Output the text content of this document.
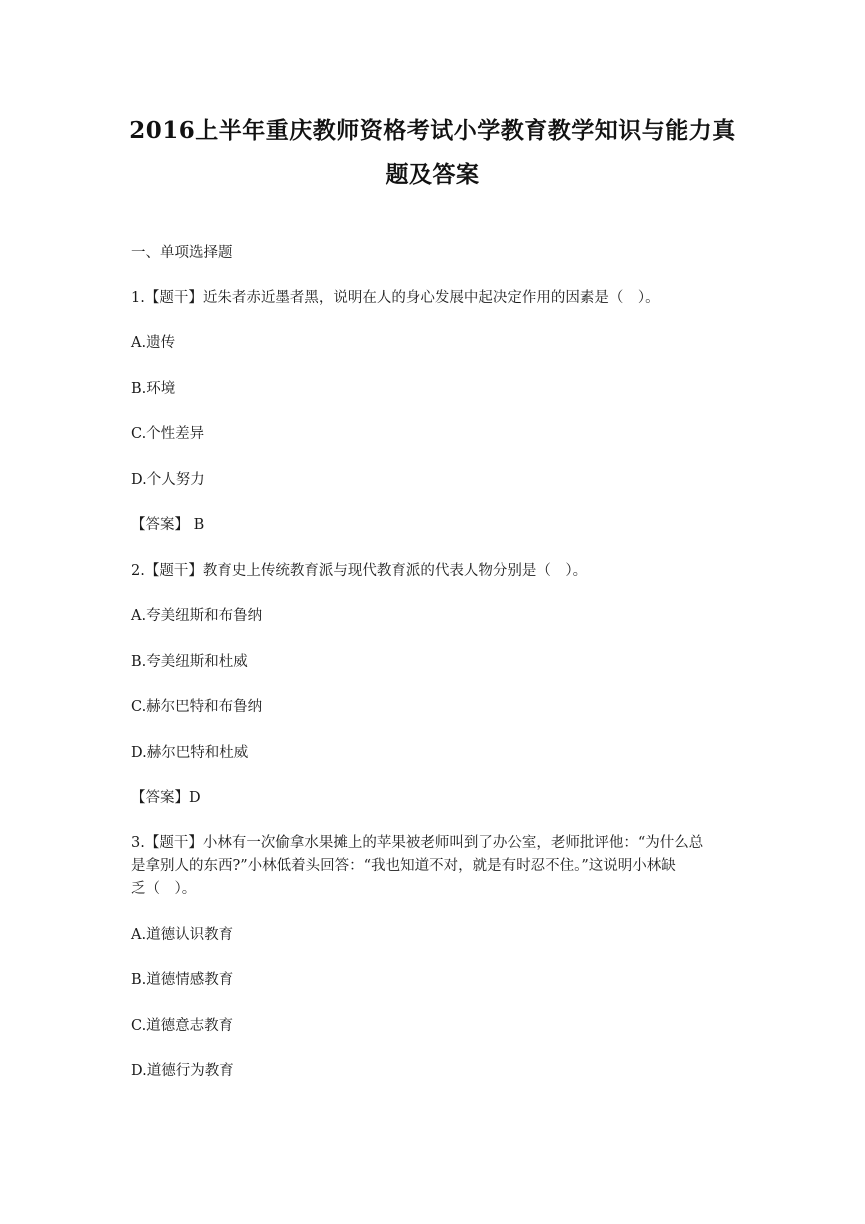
2016上半年重庆教师资格考试小学教育教学知识与能力真
题及答案
一、单项选择题
1.【题干】近朱者赤近墨者黑，说明在人的身心发展中起决定作用的因素是（　）。
A.遗传
B.环境
C.个性差异
D.个人努力
【答案】 B
2.【题干】教育史上传统教育派与现代教育派的代表人物分别是（　）。
A.夸美纽斯和布鲁纳
B.夸美纽斯和杜威
C.赫尔巴特和布鲁纳
D.赫尔巴特和杜威
【答案】D
3.【题干】小林有一次偷拿水果摊上的苹果被老师叫到了办公室，老师批评他：“为什么总
是拿别人的东西?”小林低着头回答：“我也知道不对，就是有时忍不住。”这说明小林缺
乏（　）。
A.道德认识教育
B.道德情感教育
C.道德意志教育
D.道德行为教育
